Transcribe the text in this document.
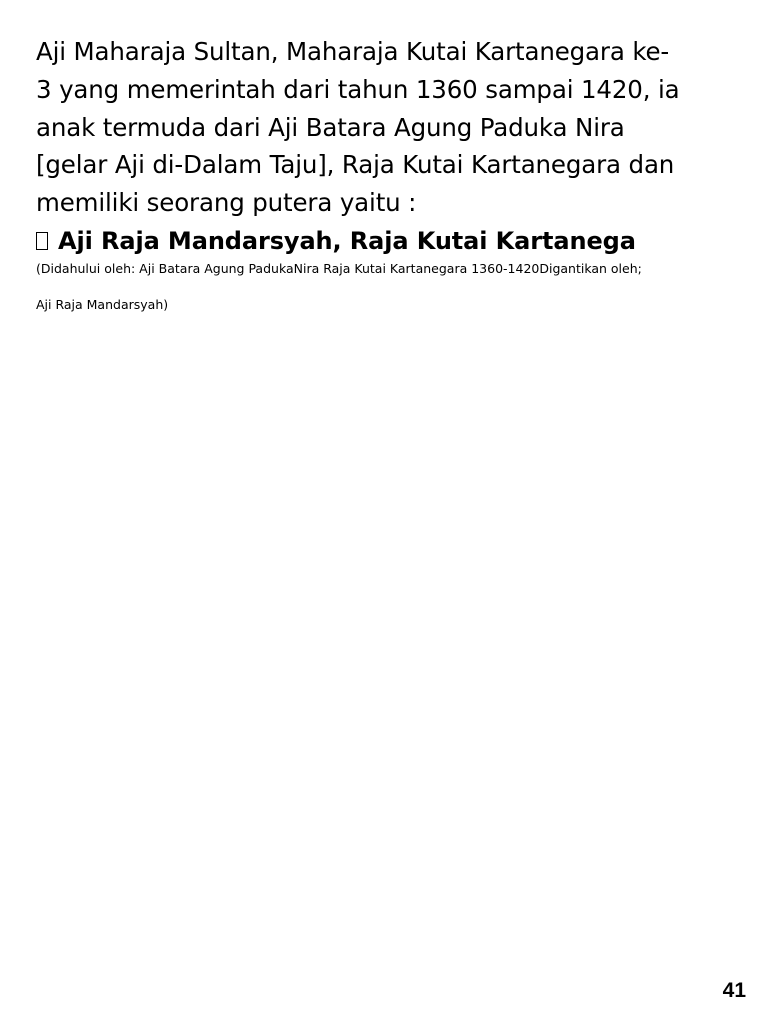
Aji Maharaja Sultan, Maharaja Kutai Kartanegara ke-
3 yang memerintah dari tahun 1360 sampai 1420, ia
anak termuda dari Aji Batara Agung Paduka Nira
[gelar Aji di-Dalam Taju], Raja Kutai Kartanegara dan
memiliki seorang putera yaitu :
Aji Raja Mandarsyah, Raja Kutai Kartanega
(Didahului oleh: Aji Batara Agung PadukaNira Raja Kutai Kartanegara 1360-1420Digantikan oleh;
Aji Raja Mandarsyah)
41
